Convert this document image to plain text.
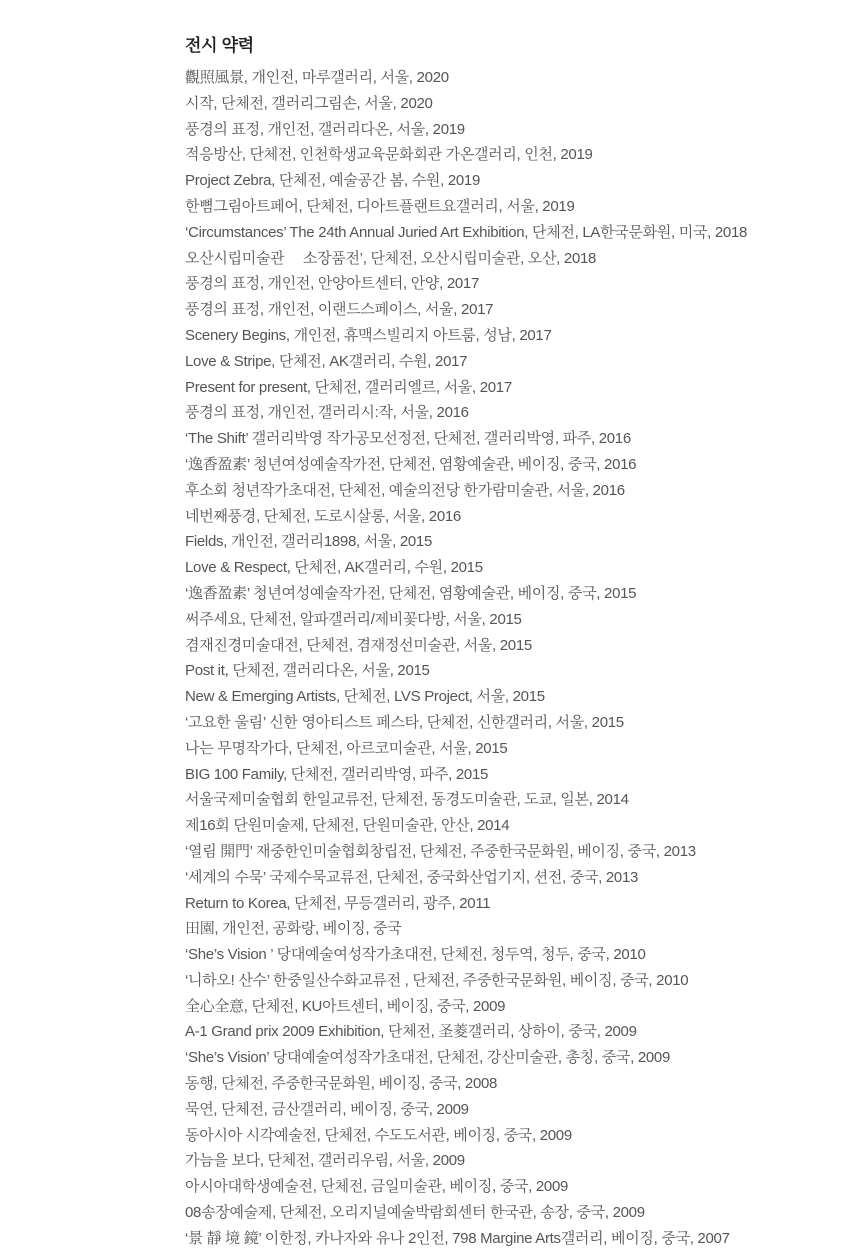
전시 약력
觀照風景, 개인전, 마루갤러리, 서울, 2020
시작, 단체전, 갤러리그림손, 서울, 2020
풍경의 표정, 개인전, 갤러리다온, 서울, 2019
적응방산, 단체전, 인천학생교육문화회관 가온갤러리, 인천, 2019
Project Zebra, 단체전, 예술공간 봄, 수원, 2019
한뼘그림아트페어, 단체전, 디아트플랜트요갤러리, 서울, 2019
‘Circumstances’ The 24th Annual Juried Art Exhibition, 단체전, LA한국문화원, 미국, 2018
오산시립미술관　 소장품전’, 단체전, 오산시립미술관, 오산, 2018
풍경의 표정, 개인전, 안양아트센터, 안양, 2017
풍경의 표정, 개인전, 이랜드스페이스, 서울, 2017
Scenery Begins, 개인전, 휴맥스빌리지 아트룸, 성남, 2017
Love & Stripe, 단체전, AK갤러리, 수원, 2017
Present for present, 단체전, 갤러리엘르, 서울, 2017
풍경의 표정, 개인전, 갤러리시:작, 서울, 2016
‘The Shift’ 갤러리박영 작가공모선정전, 단체전, 갤러리박영, 파주, 2016
‘逸香盈素’ 청년여성예술작가전, 단체전, 염황예술관, 베이징, 중국, 2016
후소회 청년작가초대전, 단체전, 예술의전당 한가람미술관, 서울, 2016
네번째풍경, 단체전, 도로시살롱, 서울, 2016
Fields, 개인전, 갤러리1898, 서울, 2015
Love & Respect, 단체전, AK갤러리, 수원, 2015
‘逸香盈素’ 청년여성예술작가전, 단체전, 염황예술관, 베이징, 중국, 2015
써주세요, 단체전, 알파갤러리/제비꽃다방, 서울, 2015
겸재진경미술대전, 단체전, 겸재정선미술관, 서울, 2015
Post it, 단체전, 갤러리다온, 서울, 2015
New & Emerging Artists, 단체전, LVS Project, 서울, 2015
‘고요한 울림’ 신한 영아티스트 페스타, 단체전, 신한갤러리, 서울, 2015
나는 무명작가다, 단체전, 아르코미술관, 서울, 2015
BIG 100 Family, 단체전, 갤러리박영, 파주, 2015
서울국제미술협회 한일교류전, 단체전, 동경도미술관, 도쿄, 일본, 2014
제16회 단원미술제, 단체전, 단원미술관, 안산, 2014
‘열림 開門’ 재중한인미술협회창립전, 단체전, 주중한국문화원, 베이징, 중국, 2013
‘세계의 수묵’ 국제수묵교류전, 단체전, 중국화산업기지, 션전, 중국, 2013
Return to Korea, 단체전, 무등갤러리, 광주, 2011
田園, 개인전, 공화랑, 베이징, 중국
‘She’s Vision ’ 당대예술여성작가초대전, 단체전, 청두역, 청두, 중국, 2010
‘니하오! 산수’ 한중일산수화교류전 , 단체전, 주중한국문화원, 베이징, 중국, 2010
全心全意, 단체전, KU아트센터, 베이징, 중국, 2009
A-1 Grand prix 2009 Exhibition, 단체전, 圣菱갤러리, 상하이, 중국, 2009
‘She’s Vision’ 당대예술여성작가초대전, 단체전, 강산미술관, 총칭, 중국, 2009
동행, 단체전, 주중한국문화원, 베이징, 중국, 2008
묵연, 단체전, 금산갤러리, 베이징, 중국, 2009
동아시아 시각예술전, 단체전, 수도도서관, 베이징, 중국, 2009
가늠을 보다, 단체전, 갤러리우림, 서울, 2009
아시아대학생예술전, 단체전, 금일미술관, 베이징, 중국, 2009
08송장예술제, 단체전, 오리지널예술박람회센터 한국관, 송장, 중국, 2009
‘景 靜 境 鏡’ 이한정, 카나자와 유나 2인전, 798 Margine Arts갤러리, 베이징, 중국, 2007
